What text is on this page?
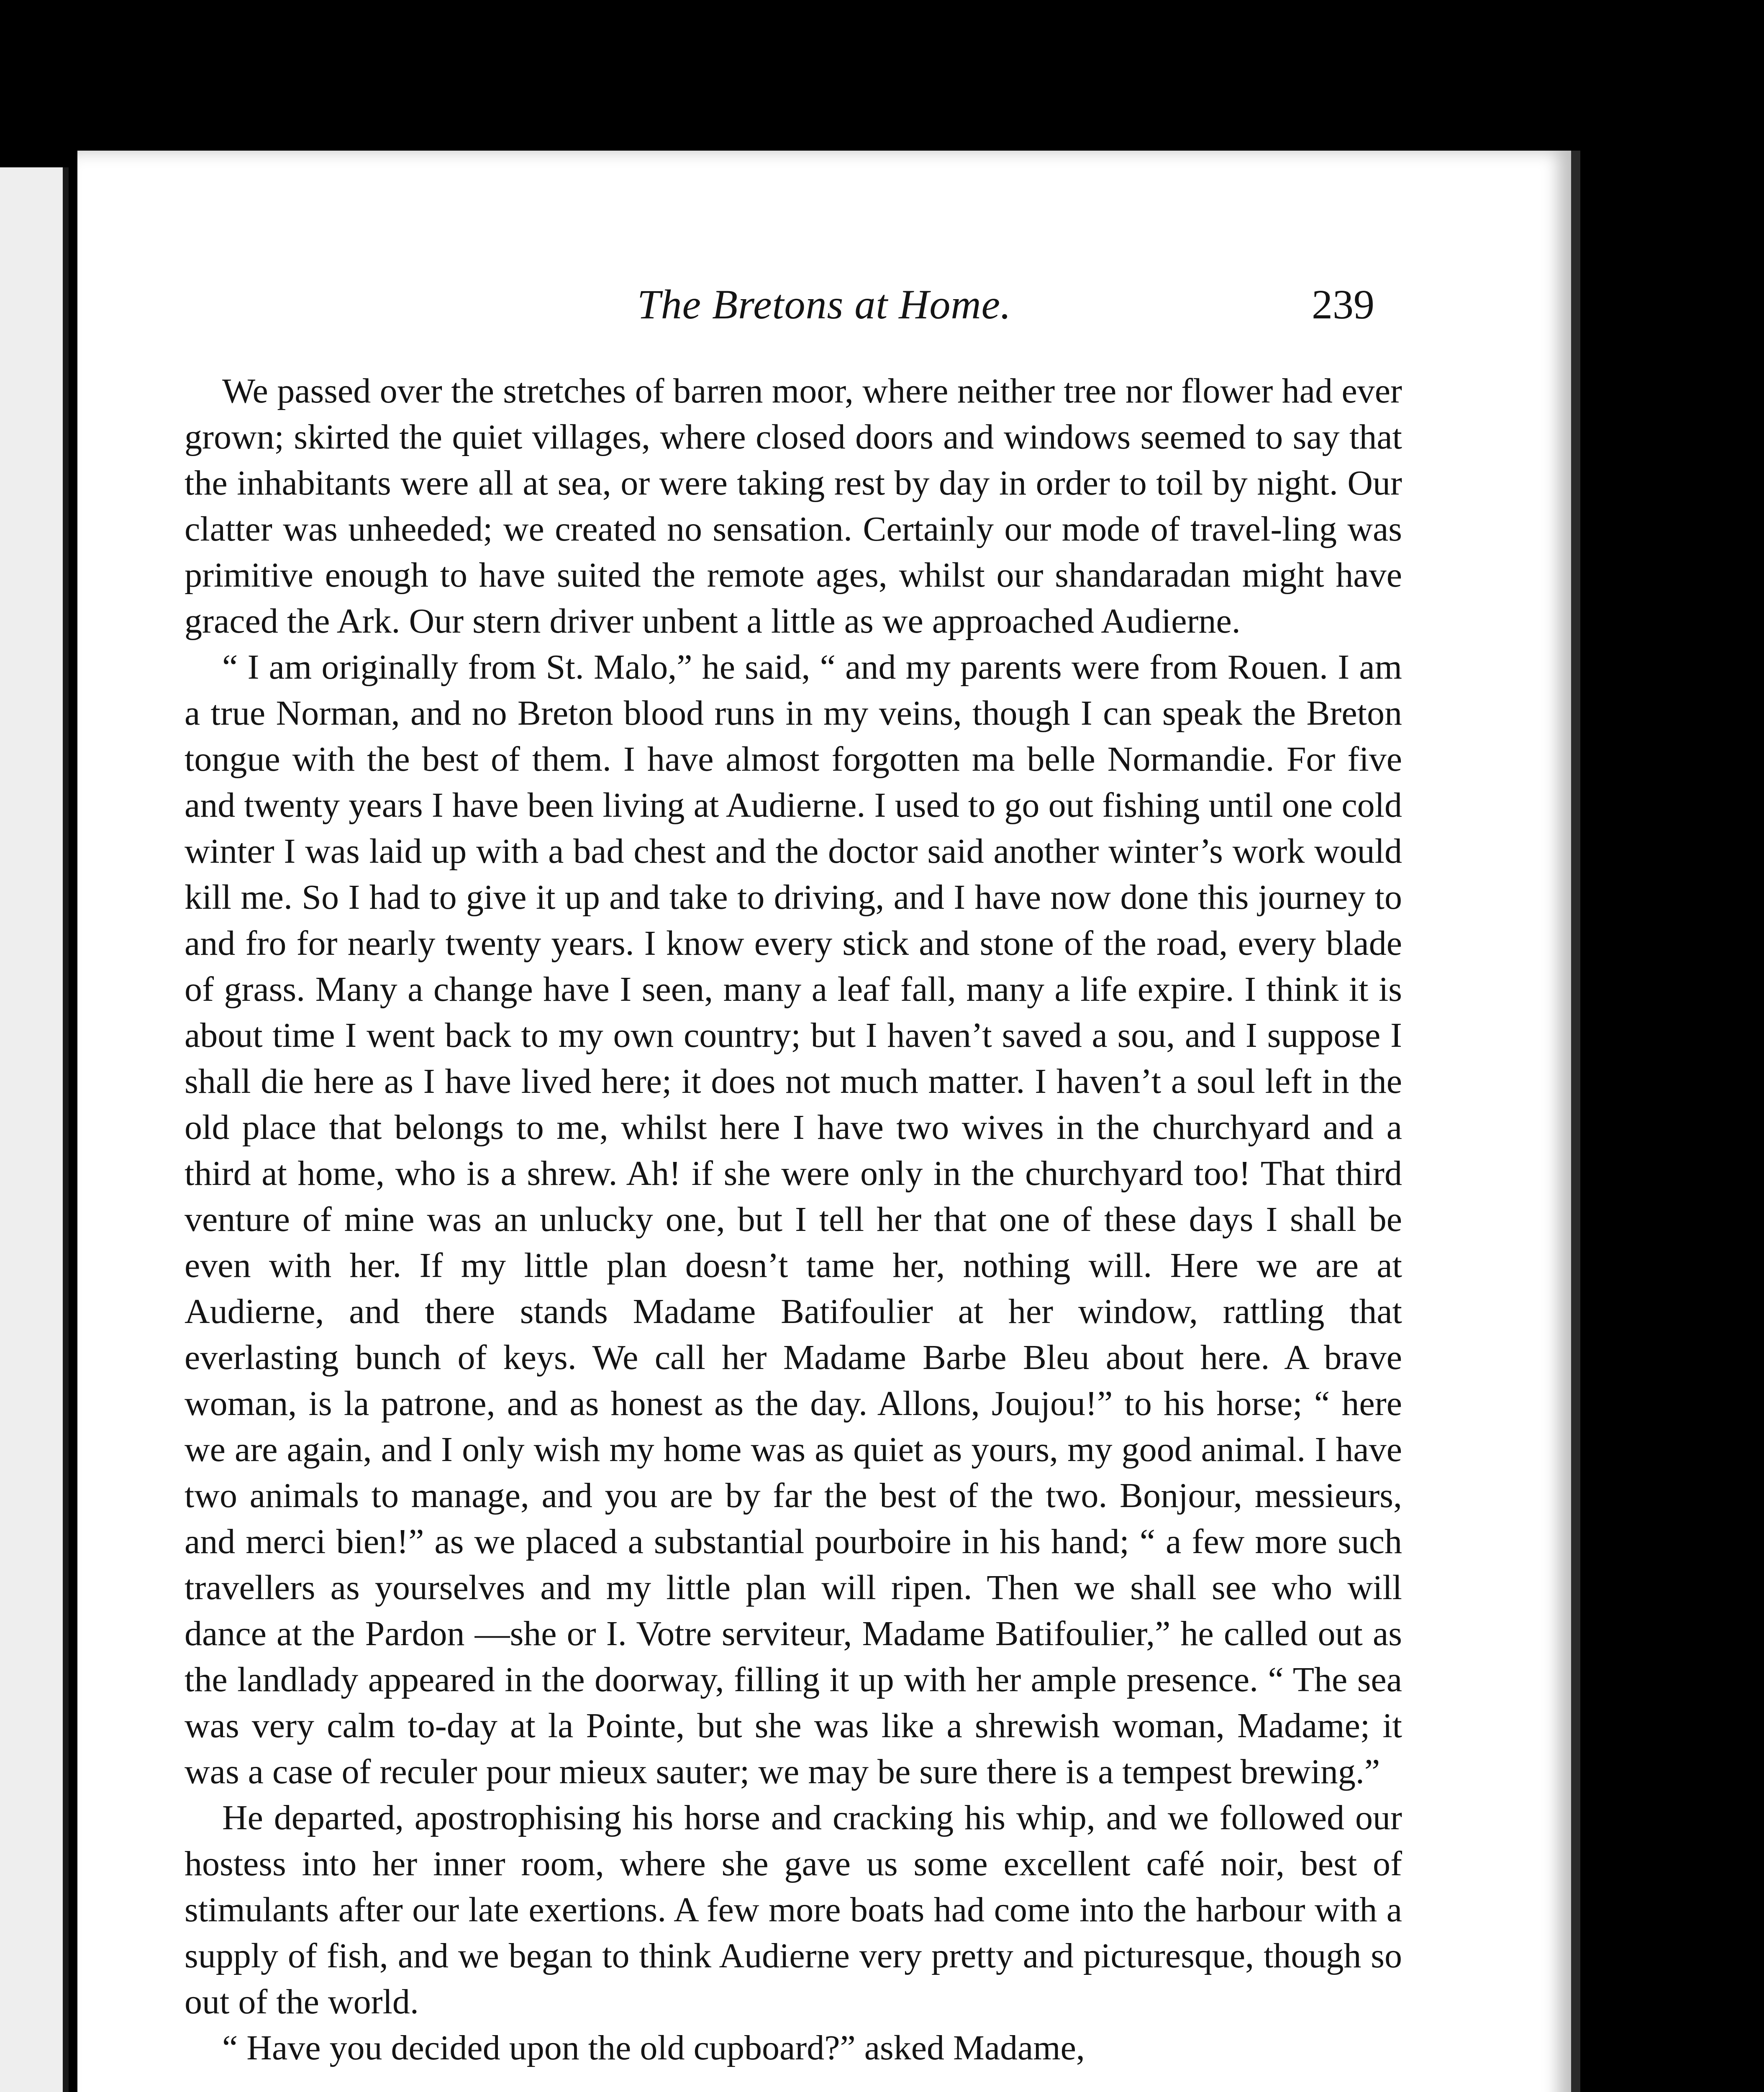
The Bretons at Home.	239

We passed over the stretches of barren moor, where neither tree nor flower had ever grown; skirted the quiet villages, where closed doors and windows seemed to say that the inhabitants were all at sea, or were taking rest by day in order to toil by night. Our clatter was unheeded; we created no sensation. Certainly our mode of travel-ling was primitive enough to have suited the remote ages, whilst our shandaradan might have graced the Ark. Our stern driver unbent a little as we approached Audierne.

“ I am originally from St. Malo,” he said, “ and my parents were from Rouen. I am a true Norman, and no Breton blood runs in my veins, though I can speak the Breton tongue with the best of them. I have almost forgotten ma belle Normandie. For five and twenty years I have been living at Audierne. I used to go out fishing until one cold winter I was laid up with a bad chest and the doctor said another winter’s work would kill me. So I had to give it up and take to driving, and I have now done this journey to and fro for nearly twenty years. I know every stick and stone of the road, every blade of grass. Many a change have I seen, many a leaf fall, many a life expire. I think it is about time I went back to my own country; but I haven’t saved a sou, and I suppose I shall die here as I have lived here; it does not much matter. I haven’t a soul left in the old place that belongs to me, whilst here I have two wives in the churchyard and a third at home, who is a shrew. Ah! if she were only in the churchyard too! That third venture of mine was an unlucky one, but I tell her that one of these days I shall be even with her. If my little plan doesn’t tame her, nothing will. Here we are at Audierne, and there stands Madame Batifoulier at her window, rattling that everlasting bunch of keys. We call her Madame Barbe Bleu about here. A brave woman, is la patrone, and as honest as the day. Allons, Joujou!” to his horse; “ here we are again, and I only wish my home was as quiet as yours, my good animal. I have two animals to manage, and you are by far the best of the two. Bonjour, messieurs, and merci bien!” as we placed a substantial pourboire in his hand; “ a few more such travellers as yourselves and my little plan will ripen. Then we shall see who will dance at the Pardon —she or I. Votre serviteur, Madame Batifoulier,” he called out as the landlady appeared in the doorway, filling it up with her ample presence. “ The sea was very calm to-day at la Pointe, but she was like a shrewish woman, Madame; it was a case of reculer pour mieux sauter; we may be sure there is a tempest brewing.”

He departed, apostrophising his horse and cracking his whip, and we followed our hostess into her inner room, where she gave us some excellent café noir, best of stimulants after our late exertions. A few more boats had come into the harbour with a supply of fish, and we began to think Audierne very pretty and picturesque, though so out of the world.

“ Have you decided upon the old cupboard?” asked Madame,
